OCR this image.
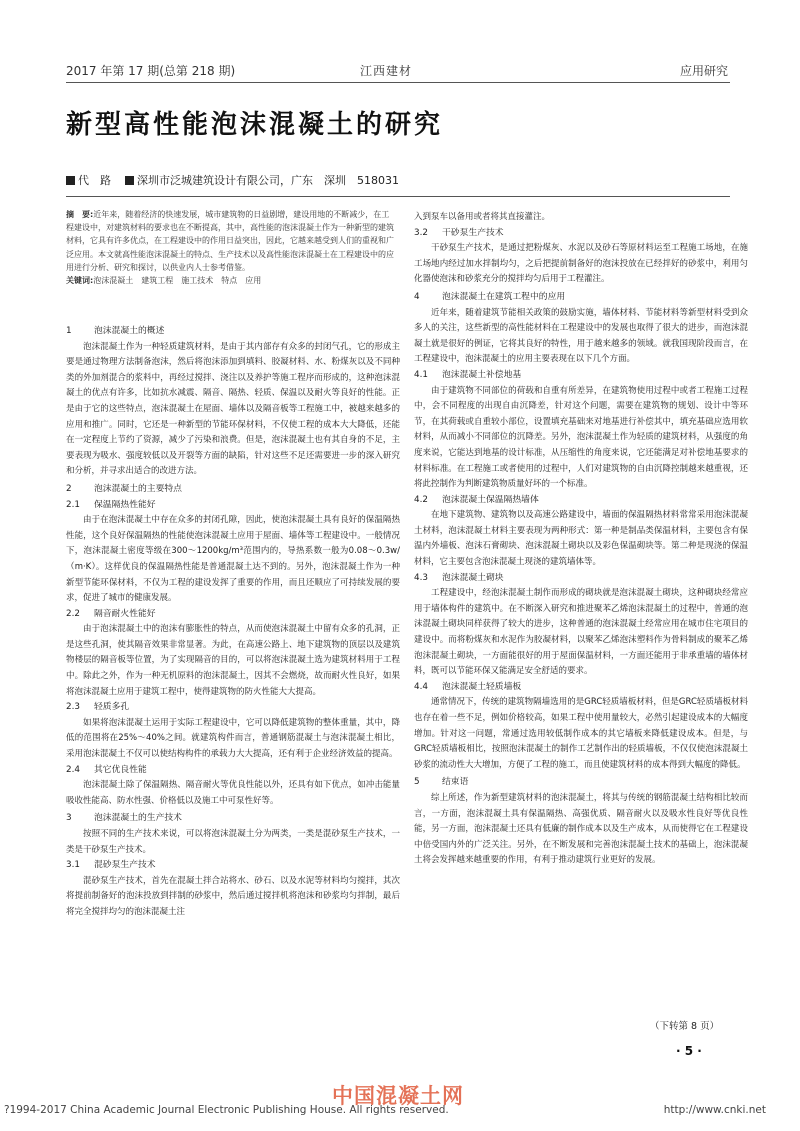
2017 年第 17 期(总第 218 期)	江西建材	应用研究
新型高性能泡沫混凝土的研究
代　路 深圳市泛城建筑设计有限公司，广东　深圳　518031

摘　要:近年来，随着经济的快速发展，城市建筑物的日益剧增，建设用地的不断减少，在工程建设中，对建筑材料的要求也在不断提高，其中，高性能的泡沫混凝土作为一种新型的建筑材料，它具有许多优点，在工程建设中的作用日益突出，因此，它越来越受到人们的重视和广泛应用。本文就高性能泡沫混凝土的特点、生产技术以及高性能泡沫混凝土在工程建设中的应用进行分析、研究和探讨，以供业内人士参考借鉴。

关键词:泡沫混凝土　建筑工程　施工技术　特点　应用

1	泡沫混凝土的概述

泡沫混凝土作为一种轻质建筑材料，是由于其内部存有众多的封闭气孔，它的形成主要是通过物理方法制备泡沫，然后将泡沫添加到填料、胶凝材料、水、粉煤灰以及不同种类的外加剂混合的浆料中，再经过搅拌、浇注以及养护等施工程序而形成的，这种泡沫混凝土的优点有许多，比如抗水减震、隔音、隔热、轻质、保温以及耐火等良好的性能。正是由于它的这些特点，泡沫混凝土在屋面、墙体以及隔音板等工程施工中，被越来越多的应用和推广。同时，它还是一种新型的节能环保材料，不仅使工程的成本大大降低，还能在一定程度上节约了资源，减少了污染和浪费。但是，泡沫混凝土也有其自身的不足，主要表现为吸水、强度较低以及开裂等方面的缺陷，针对这些不足还需要进一步的深入研究和分析，并寻求出适合的改进方法。

2	泡沫混凝土的主要特点
2.1 保温隔热性能好

由于在泡沫混凝土中存在众多的封闭孔隙，因此，使泡沫混凝土具有良好的保温隔热性能，这个良好保温隔热的性能使泡沫混凝土应用于屋面、墙体等工程建设中。一般情况下，泡沫混凝土密度等级在300～1200kg/m³范围内的，导热系数一般为0.08～0.3w/（m·K）。这样优良的保温隔热性能是普通混凝土达不到的。另外，泡沫混凝土作为一种新型节能环保材料，不仅为工程的建设发挥了重要的作用，而且还顺应了可持续发展的要求，促进了城市的健康发展。

2.2 隔音耐火性能好

由于泡沫混凝土中的泡沫有膨胀性的特点，从而使泡沫混凝土中留有众多的孔洞，正是这些孔洞，使其隔音效果非常显著。为此，在高速公路上、地下建筑物的顶层以及建筑物楼层的隔音板等位置，为了实现隔音的目的，可以将泡沫混凝土选为建筑材料用于工程中。除此之外，作为一种无机原料的泡沫混凝土，因其不会燃烧，故而耐火性良好，如果将泡沫混凝土应用于建筑工程中，使得建筑物的防火性能大大提高。

2.3 轻质多孔

如果将泡沫混凝土运用于实际工程建设中，它可以降低建筑物的整体重量，其中，降低的范围将在25%～40%之间。就建筑构件而言，普通钢筋混凝土与泡沫混凝土相比，采用泡沫混凝土不仅可以使结构构件的承载力大大提高，还有利于企业经济效益的提高。

2.4 其它优良性能

泡沫混凝土除了保温隔热、隔音耐火等优良性能以外，还具有如下优点，如冲击能量吸收性能高、防水性强、价格低以及施工中可泵性好等。

3	泡沫混凝土的生产技术

按照不同的生产技术来说，可以将泡沫混凝土分为两类，一类是混砂泵生产技术，一类是干砂泵生产技术。

3.1 混砂泵生产技术

混砂泵生产技术，首先在混凝土拌合站将水、砂石、以及水泥等材料均匀搅拌，其次将提前制备好的泡沫投放到拌制的砂浆中，然后通过搅拌机将泡沫和砂浆均匀拌制，最后将完全搅拌均匀的泡沫混凝土注

入到泵车以备用或者将其直接灌注。

3.2 干砂泵生产技术

干砂泵生产技术，是通过把粉煤灰、水泥以及砂石等原材料运至工程施工场地，在施工场地内经过加水拌制均匀，之后把提前制备好的泡沫投放在已经拌好的砂浆中，利用匀化器使泡沫和砂浆充分的搅拌均匀后用于工程灌注。

4	泡沫混凝土在建筑工程中的应用

近年来，随着建筑节能相关政策的鼓励实施，墙体材料、节能材料等新型材料受到众多人的关注，这些新型的高性能材料在工程建设中的发展也取得了很大的进步，而泡沫混凝土就是很好的例证，它将其良好的特性，用于越来越多的领域。就我国现阶段而言，在工程建设中，泡沫混凝土的应用主要表现在以下几个方面。

4.1 泡沫混凝土补偿地基

由于建筑物不同部位的荷载和自重有所差异，在建筑物使用过程中或者工程施工过程中，会不同程度的出现自由沉降差，针对这个问题，需要在建筑物的规划、设计中等环节，在其荷载或自重较小部位，设置填充基础来对地基进行补偿其中，填充基础应选用软材料，从而减小不同部位的沉降差。另外，泡沫混凝土作为轻质的建筑材料，从强度的角度来说，它能达到地基的设计标准，从压缩性的角度来说，它还能满足对补偿地基要求的材料标准。在工程施工或者使用的过程中，人们对建筑物的自由沉降控制越来越重视，还将此控制作为判断建筑物质量好坏的一个标准。

4.2 泡沫混凝土保温隔热墙体

在地下建筑物、建筑物以及高速公路建设中，墙面的保温隔热材料常常采用泡沫混凝土材料，泡沫混凝土材料主要表现为两种形式：第一种是制品类保温材料，主要包含有保温内外墙板、泡沫石膏砌块、泡沫混凝土砌块以及彩色保温砌块等。第二种是现浇的保温材料，它主要包含泡沫混凝土现浇的建筑墙体等。

4.3 泡沫混凝土砌块

工程建设中，经泡沫混凝土制作而形成的砌块就是泡沫混凝土砌块，这种砌块经常应用于墙体构件的建筑中。在不断深入研究和推进聚苯乙烯泡沫混凝土的过程中，普通的泡沫混凝土砌块同样获得了较大的进步，这种普通的泡沫混凝土经常应用在城市住宅项目的建设中。而将粉煤灰和水泥作为胶凝材料，以聚苯乙烯泡沫塑料作为骨料制成的聚苯乙烯泡沫混凝土砌块，一方面能很好的用于屋面保温材料，一方面还能用于非承重墙的墙体材料，既可以节能环保又能满足安全舒适的要求。

4.4 泡沫混凝土轻质墙板

通常情况下，传统的建筑物隔墙选用的是GRC轻质墙板材料，但是GRC轻质墙板材料也存在着一些不足，例如价格较高，如果工程中使用量较大，必然引起建设成本的大幅度增加。针对这一问题，常通过选用较低制作成本的其它墙板来降低建设成本。但是，与GRC轻质墙板相比，按照泡沫混凝土的制作工艺制作出的轻质墙板，不仅仅使泡沫混凝土砂浆的流动性大大增加，方便了工程的施工，而且使建筑材料的成本得到大幅度的降低。

5	结束语

综上所述，作为新型建筑材料的泡沫混凝土，将其与传统的钢筋混凝土结构相比较而言，一方面，泡沫混凝土具有保温隔热、高强优质、隔音耐火以及吸水性良好等优良性能，另一方面，泡沫混凝土还具有低廉的制作成本以及生产成本，从而使得它在工程建设中倍受国内外的广泛关注。另外，在不断发展和完善泡沫混凝土技术的基础上，泡沫混凝土将会发挥越来越重要的作用，有利于推动建筑行业更好的发展。

（下转第 8 页）
· 5 ·
中国混凝土网
?1994-2017 China Academic Journal Electronic Publishing House. All rights reserved.	http://www.cnki.net
